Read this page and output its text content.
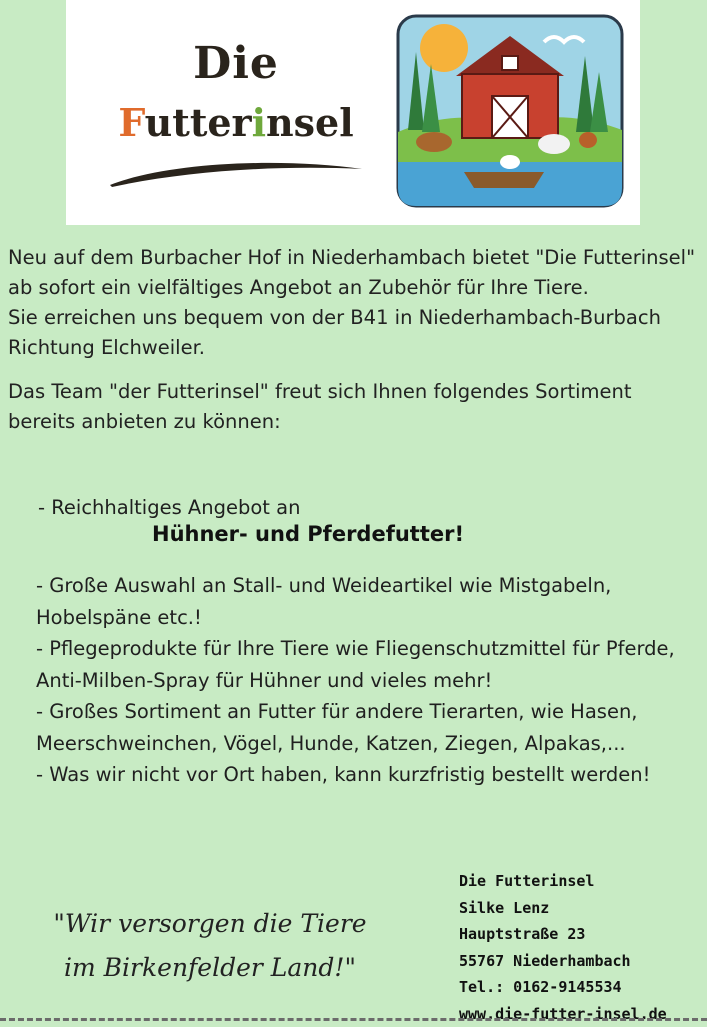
Die
Futterinsel

Neu auf dem Burbacher Hof in Niederhambach bietet "Die Futterinsel" ab sofort ein vielfältiges Angebot an Zubehör für Ihre Tiere.
Sie erreichen uns bequem von der B41 in Niederhambach-Burbach Richtung Elchweiler.

Das Team "der Futterinsel" freut sich Ihnen folgendes Sortiment bereits anbieten zu können:

- Reichhaltiges Angebot an

Hühner- und Pferdefutter!

- Große Auswahl an Stall- und Weideartikel wie Mistgabeln, Hobelspäne etc.!

- Pflegeprodukte für Ihre Tiere wie Fliegenschutzmittel für Pferde, Anti-Milben-Spray für Hühner und vieles mehr!

- Großes Sortiment an Futter für andere Tierarten, wie Hasen, Meerschweinchen, Vögel, Hunde, Katzen, Ziegen, Alpakas,...

- Was wir nicht vor Ort haben, kann kurzfristig bestellt werden!

"Wir versorgen die Tiere
im Birkenfelder Land!"
Die Futterinsel
Silke Lenz
Hauptstraße 23
55767 Niederhambach
Tel.: 0162-9145534
www.die-futter-insel.de
